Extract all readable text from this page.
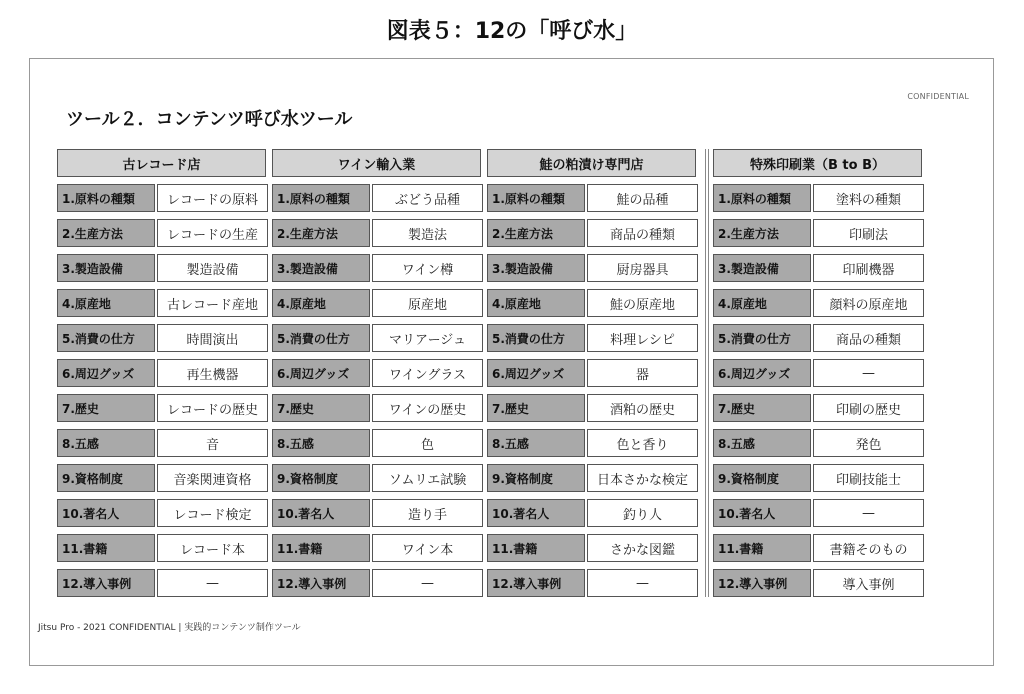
図表５：12の「呼び水」
CONFIDENTIAL
ツール２．コンテンツ呼び水ツール
古レコード店
1.原料の種類	レコードの原料
2.生産方法	レコードの生産
3.製造設備	製造設備
4.原産地	古レコード産地
5.消費の仕方	時間演出
6.周辺グッズ	再生機器
7.歴史	レコードの歴史
8.五感	音
9.資格制度	音楽関連資格
10.著名人	レコード検定
11.書籍	レコード本
12.導入事例	—
ワイン輸入業
1.原料の種類	ぶどう品種
2.生産方法	製造法
3.製造設備	ワイン樽
4.原産地	原産地
5.消費の仕方	マリアージュ
6.周辺グッズ	ワイングラス
7.歴史	ワインの歴史
8.五感	色
9.資格制度	ソムリエ試験
10.著名人	造り手
11.書籍	ワイン本
12.導入事例	—
鮭の粕漬け専門店
1.原料の種類	鮭の品種
2.生産方法	商品の種類
3.製造設備	厨房器具
4.原産地	鮭の原産地
5.消費の仕方	料理レシピ
6.周辺グッズ	器
7.歴史	酒粕の歴史
8.五感	色と香り
9.資格制度	日本さかな検定
10.著名人	釣り人
11.書籍	さかな図鑑
12.導入事例	—
特殊印刷業（B to B）
1.原料の種類	塗料の種類
2.生産方法	印刷法
3.製造設備	印刷機器
4.原産地	顔料の原産地
5.消費の仕方	商品の種類
6.周辺グッズ	—
7.歴史	印刷の歴史
8.五感	発色
9.資格制度	印刷技能士
10.著名人	—
11.書籍	書籍そのもの
12.導入事例	導入事例
Jitsu Pro - 2021 CONFIDENTIAL | 実践的コンテンツ制作ツール
